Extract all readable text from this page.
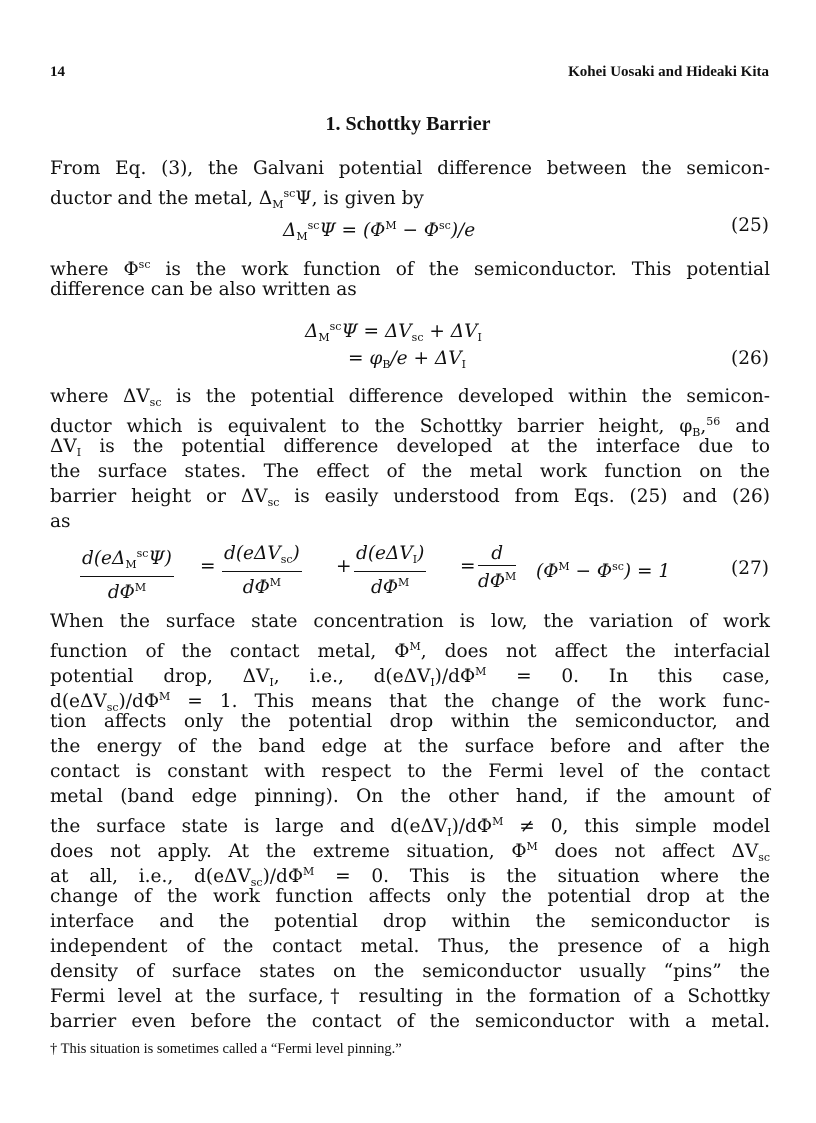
14	Kohei Uosaki and Hideaki Kita
1. Schottky Barrier
From Eq. (3), the Galvani potential difference between the semicon-
ductor and the metal, $\Delta_M^{sc}\Psi$, is given by
$\Delta_M^{sc}\Psi = (\Phi^M - \Phi^{sc})/e$	(25)
where $\Phi^{sc}$ is the work function of the semiconductor. This potential
difference can be also written as
$\Delta_M^{sc}\Psi = \Delta V_{sc} + \Delta V_I$
= $\varphi_B/e + \Delta V_I$	(26)
where $\Delta V_{sc}$ is the potential difference developed within the semicon-
ductor which is equivalent to the Schottky barrier height, $\varphi_B,^{56}$ and
$\Delta V_I$ is the potential difference developed at the interface due to
the surface states. The effect of the metal work function on the
barrier height or $\Delta V_{sc}$ is easily understood from Eqs. (25) and (26)
as
$d(e\Delta_M^{sc}\Psi)$
$d\Phi^M$
=
d(eΔV$_{sc}$)
$d\Phi^M$
+
d(eΔV$_I$)
$d\Phi^M$
=
d
$d\Phi^M$ $(\Phi^M - \Phi^{sc}) = 1$	(27)
When the surface state concentration is low, the variation of work
function of the contact metal, $\Phi^M$, does not affect the interfacial
potential drop, $\Delta V_I$, i.e., $d(e\Delta V_I)/d\Phi^M = 0$. In this case,
$d(e\Delta V_{sc})/d\Phi^M = 1$. This means that the change of the work func-
tion affects only the potential drop within the semiconductor, and
the energy of the band edge at the surface before and after the
contact is constant with respect to the Fermi level of the contact
metal (band edge pinning). On the other hand, if the amount of
the surface state is large and $d(e\Delta V_I)/d\Phi^M \ne 0$, this simple model
does not apply. At the extreme situation, $\Phi^M$ does not affect $\Delta V_{sc}$
at all, i.e., $d(e\Delta V_{sc})/d\Phi^M = 0$. This is the situation where the
change of the work function affects only the potential drop at the
interface and the potential drop within the semiconductor is
independent of the contact metal. Thus, the presence of a high
density of surface states on the semiconductor usually “pins” the
Fermi level at the surface,† resulting in the formation of a Schottky
barrier even before the contact of the semiconductor with a metal.
† This situation is sometimes called a “Fermi level pinning.”
